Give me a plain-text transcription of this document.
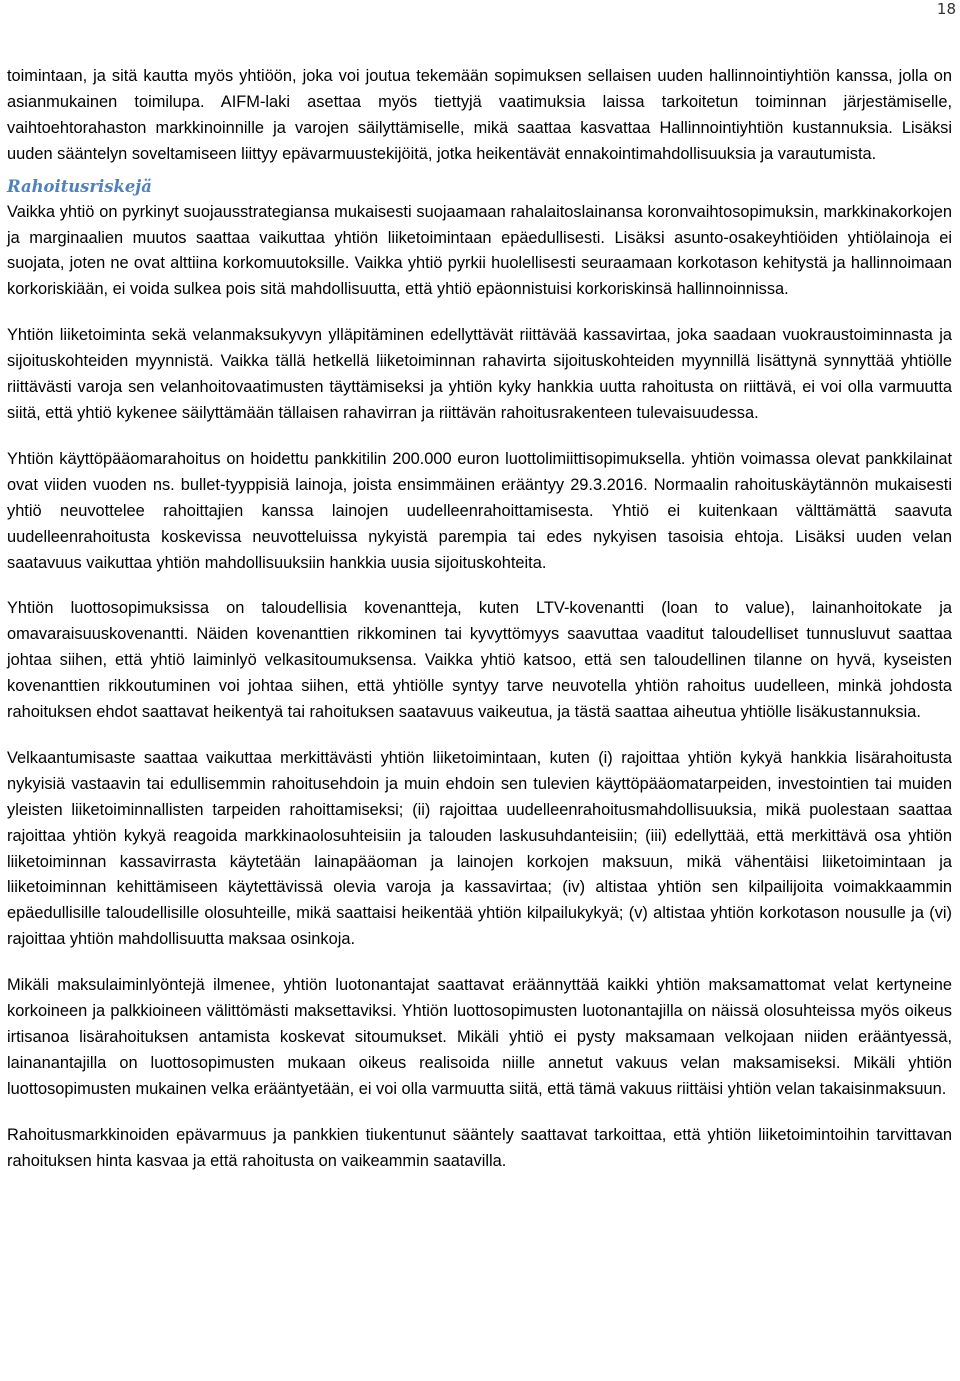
18

toimintaan, ja sitä kautta myös yhtiöön, joka voi joutua tekemään sopimuksen sellaisen uuden hallinnointiyhtiön kanssa, jolla on asianmukainen toimilupa. AIFM-laki asettaa myös tiettyjä vaatimuksia laissa tarkoitetun toiminnan järjestämiselle, vaihtoehtorahaston markkinoinnille ja varojen säilyttämiselle, mikä saattaa kasvattaa Hallinnointiyhtiön kustannuksia. Lisäksi uuden sääntelyn soveltamiseen liittyy epävarmuustekijöitä, jotka heikentävät ennakointimahdollisuuksia ja varautumista.

Rahoitusriskejä

Vaikka yhtiö on pyrkinyt suojausstrategiansa mukaisesti suojaamaan rahalaitoslainansa koronvaihtosopimuksin, markkinakorkojen ja marginaalien muutos saattaa vaikuttaa yhtiön liiketoimintaan epäedullisesti. Lisäksi asunto-osakeyhtiöiden yhtiölainoja ei suojata, joten ne ovat alttiina korkomuutoksille. Vaikka yhtiö pyrkii huolellisesti seuraamaan korkotason kehitystä ja hallinnoimaan korkoriskiään, ei voida sulkea pois sitä mahdollisuutta, että yhtiö epäonnistuisi korkoriskinsä hallinnoinnissa.

Yhtiön liiketoiminta sekä velanmaksukyvyn ylläpitäminen edellyttävät riittävää kassavirtaa, joka saadaan vuokraustoiminnasta ja sijoituskohteiden myynnistä. Vaikka tällä hetkellä liiketoiminnan rahavirta sijoituskohteiden myynnillä lisättynä synnyttää yhtiölle riittävästi varoja sen velanhoitovaatimusten täyttämiseksi ja yhtiön kyky hankkia uutta rahoitusta on riittävä, ei voi olla varmuutta siitä, että yhtiö kykenee säilyttämään tällaisen rahavirran ja riittävän rahoitusrakenteen tulevaisuudessa.

Yhtiön käyttöpääomarahoitus on hoidettu pankkitilin 200.000 euron luottolimiittisopimuksella. yhtiön voimassa olevat pankkilainat ovat viiden vuoden ns. bullet-tyyppisiä lainoja, joista ensimmäinen erääntyy 29.3.2016. Normaalin rahoituskäytännön mukaisesti yhtiö neuvottelee rahoittajien kanssa lainojen uudelleenrahoittamisesta. Yhtiö ei kuitenkaan välttämättä saavuta uudelleenrahoitusta koskevissa neuvotteluissa nykyistä parempia tai edes nykyisen tasoisia ehtoja. Lisäksi uuden velan saatavuus vaikuttaa yhtiön mahdollisuuksiin hankkia uusia sijoituskohteita.

Yhtiön luottosopimuksissa on taloudellisia kovenantteja, kuten LTV-kovenantti (loan to value), lainanhoitokate ja omavaraisuuskovenantti. Näiden kovenanttien rikkominen tai kyvyttömyys saavuttaa vaaditut taloudelliset tunnusluvut saattaa johtaa siihen, että yhtiö laiminlyö velkasitoumuksensa. Vaikka yhtiö katsoo, että sen taloudellinen tilanne on hyvä, kyseisten kovenanttien rikkoutuminen voi johtaa siihen, että yhtiölle syntyy tarve neuvotella yhtiön rahoitus uudelleen, minkä johdosta rahoituksen ehdot saattavat heikentyä tai rahoituksen saatavuus vaikeutua, ja tästä saattaa aiheutua yhtiölle lisäkustannuksia.

Velkaantumisaste saattaa vaikuttaa merkittävästi yhtiön liiketoimintaan, kuten (i) rajoittaa yhtiön kykyä hankkia lisärahoitusta nykyisiä vastaavin tai edullisemmin rahoitusehdoin ja muin ehdoin sen tulevien käyttöpääomatarpeiden, investointien tai muiden yleisten liiketoiminnallisten tarpeiden rahoittamiseksi; (ii) rajoittaa uudelleenrahoitusmahdollisuuksia, mikä puolestaan saattaa rajoittaa yhtiön kykyä reagoida markkinaolosuhteisiin ja talouden laskusuhdanteisiin; (iii) edellyttää, että merkittävä osa yhtiön liiketoiminnan kassavirrasta käytetään lainapääoman ja lainojen korkojen maksuun, mikä vähentäisi liiketoimintaan ja liiketoiminnan kehittämiseen käytettävissä olevia varoja ja kassavirtaa; (iv) altistaa yhtiön sen kilpailijoita voimakkaammin epäedullisille taloudellisille olosuhteille, mikä saattaisi heikentää yhtiön kilpailukykyä; (v) altistaa yhtiön korkotason nousulle ja (vi) rajoittaa yhtiön mahdollisuutta maksaa osinkoja.

Mikäli maksulaiminlyöntejä ilmenee, yhtiön luotonantajat saattavat eräännyttää kaikki yhtiön maksamattomat velat kertyneine korkoineen ja palkkioineen välittömästi maksettaviksi. Yhtiön luottosopimusten luotonantajilla on näissä olosuhteissa myös oikeus irtisanoa lisärahoituksen antamista koskevat sitoumukset. Mikäli yhtiö ei pysty maksamaan velkojaan niiden erääntyessä, lainanantajilla on luottosopimusten mukaan oikeus realisoida niille annetut vakuus velan maksamiseksi. Mikäli yhtiön luottosopimusten mukainen velka erääntyetään, ei voi olla varmuutta siitä, että tämä vakuus riittäisi yhtiön velan takaisinmaksuun.

Rahoitusmarkkinoiden epävarmuus ja pankkien tiukentunut sääntely saattavat tarkoittaa, että yhtiön liiketoimintoihin tarvittavan rahoituksen hinta kasvaa ja että rahoitusta on vaikeammin saatavilla.
